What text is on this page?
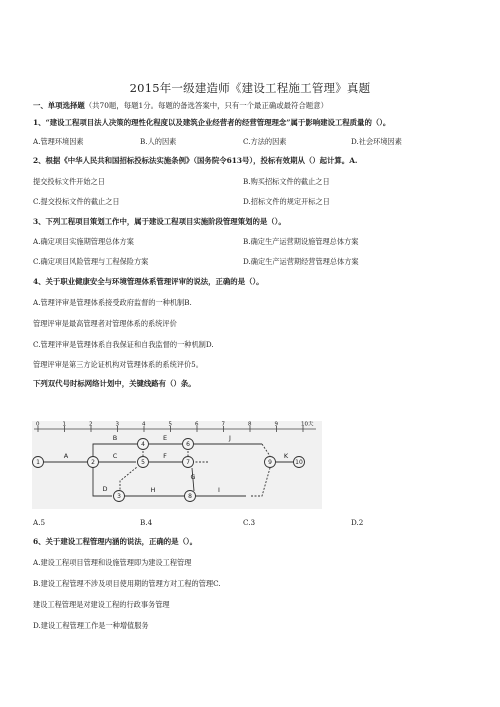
2015年一级建造师《建设工程施工管理》真题
一、单项选择题（共70题，每题1分。每题的备选答案中，只有一个最正确或最符合题意）
1、“建设工程项目法人决策的理性化程度以及建筑企业经营者的经营管理理念”属于影响建设工程质量的（）。
A.管理环境因素	B.人的因素	C.方法的因素	D.社会环境因素
2、根据《中华人民共和国招标投标法实施条例》（国务院令613号），投标有效期从（）起计算。A.
提交投标文件开始之日	B.购买招标文件的截止之日
C.提交投标文件的截止之日	D.招标文件的规定开标之日
3、下列工程项目策划工作中，属于建设工程项目实施阶段管理策划的是（）。
A.确定项目实施期管理总体方案	B.确定生产运营期设施管理总体方案
C.确定项目风险管理与工程保险方案	D.确定生产运营期经营管理总体方案
4、关于职业健康安全与环境管理体系管理评审的说法，正确的是（）。
A.管理评审是管理体系接受政府监督的一种机制B.
管理评审是最高管理者对管理体系的系统评价
C.管理评审是管理体系自我保证和自我监督的一种机制D.
管理评审是第三方论证机构对管理体系的系统评价5。
下列双代号时标网络计划中，关键线路有（）条。
0	1	2	3	4	5	6	7	8	9	10天
1	2
3
4
5
6
7
8
9	10
A
B
C
D
E
F
G
H	I
J
K
A.5	B.4	C.3	D.2
6、关于建设工程管理内涵的说法，正确的是（）。
A.建设工程项目管理和设施管理即为建设工程管理
B.建设工程管理不涉及项目使用期的管理方对工程的管理C.
建设工程管理是对建设工程的行政事务管理
D.建设工程管理工作是一种增值服务
